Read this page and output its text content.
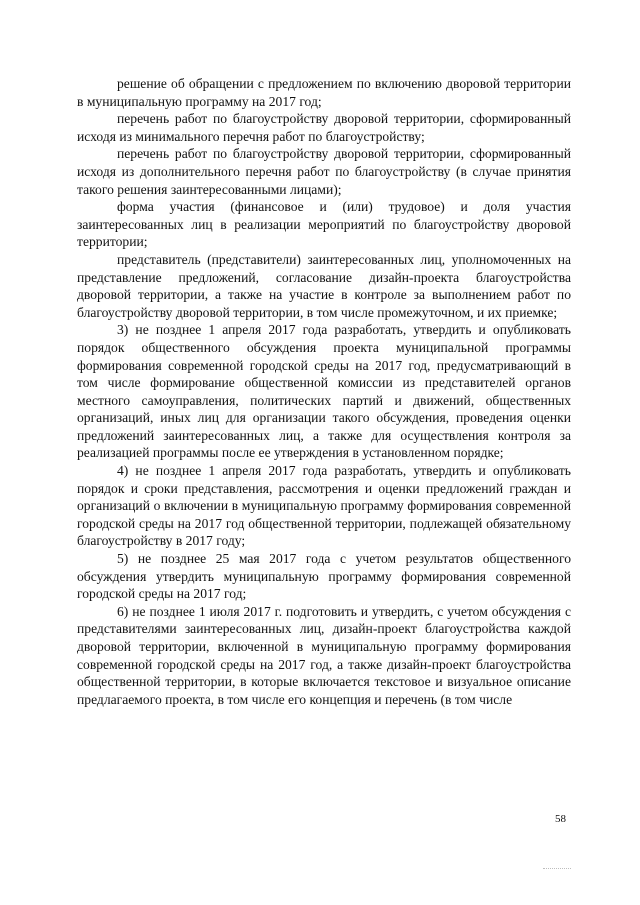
решение об обращении с предложением по включению дворовой территории в муниципальную программу на 2017 год;

перечень работ по благоустройству дворовой территории, сформированный исходя из минимального перечня работ по благоустройству;

перечень работ по благоустройству дворовой территории, сформированный исходя из дополнительного перечня работ по благоустройству (в случае принятия такого решения заинтересованными лицами);

форма участия (финансовое и (или) трудовое) и доля участия заинтересованных лиц в реализации мероприятий по благоустройству дворовой территории;

представитель (представители) заинтересованных лиц, уполномоченных на представление предложений, согласование дизайн-проекта благоустройства дворовой территории, а также на участие в контроле за выполнением работ по благоустройству дворовой территории, в том числе промежуточном, и их приемке;

3) не позднее 1 апреля 2017 года разработать, утвердить и опубликовать порядок общественного обсуждения проекта муниципальной программы формирования современной городской среды на 2017 год, предусматривающий в том числе формирование общественной комиссии из представителей органов местного самоуправления, политических партий и движений, общественных организаций, иных лиц для организации такого обсуждения, проведения оценки предложений заинтересованных лиц, а также для осуществления контроля за реализацией программы после ее утверждения в установленном порядке;

4) не позднее 1 апреля 2017 года разработать, утвердить и опубликовать порядок и сроки представления, рассмотрения и оценки предложений граждан и организаций о включении в муниципальную программу формирования современной городской среды на 2017 год общественной территории, подлежащей обязательному благоустройству в 2017 году;

5) не позднее 25 мая 2017 года с учетом результатов общественного обсуждения утвердить муниципальную программу формирования современной городской среды на 2017 год;

6) не позднее 1 июля 2017 г. подготовить и утвердить, с учетом обсуждения с представителями заинтересованных лиц, дизайн-проект благоустройства каждой дворовой территории, включенной в муниципальную программу формирования современной городской среды на 2017 год, а также дизайн-проект благоустройства общественной территории, в которые включается текстовое и визуальное описание предлагаемого проекта, в том числе его концепция и перечень (в том числе

58
